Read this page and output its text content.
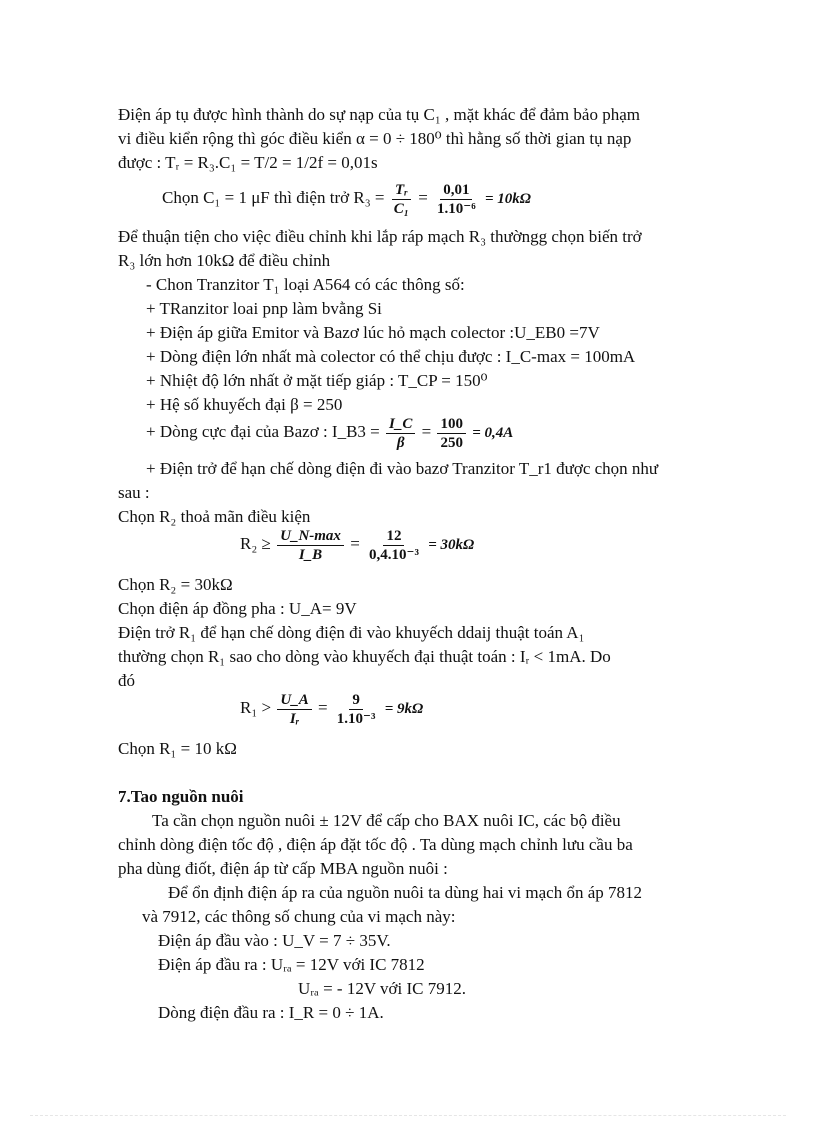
Điện áp tụ được hình thành do sự nạp của tụ C₁ , mặt khác để đảm bảo phạm
vi điều kiển rộng thì góc điều kiển α = 0 ÷ 180⁰ thì hằng số thời gian tụ nạp
được : Tᵣ = R₃.C₁ = T/2 = 1/2f = 0,01s
Chọn C₁ = 1 μF thì điện trở $R_3 = \frac{\text{Tᵣ}}{\text{C₁}} = \frac{0,01}{\text{1.10⁻⁶}} = 10k\Omega$
Để thuận tiện cho việc điều chỉnh khi lắp ráp mạch R₃ thườngg chọn biến trở
R₃ lớn hơn 10kΩ để điều chỉnh
- Chon Tranzitor T₁ loại A564 có các thông số:
+ TRanzitor loai pnp làm bvằng Si
+ Điện áp giữa Emitor và Bazơ lúc hỏ mạch colector :U_EB0 =7V
+ Dòng điện lớn nhất mà colector có thể chịu được : I_C-max = 100mA
+ Nhiệt độ lớn nhất ở mặt tiếp giáp : T_CP = 150⁰
+ Hệ số khuyếch đại β = 250
+ Dòng cực đại của Bazơ : I_B3 = $\frac{I\_C}{\beta} = \frac{100}{250} = 0,4A$
+ Điện trở để hạn chế dòng điện đi vào bazơ Tranzitor T_r1 được chọn như
sau :
Chọn R₂ thoả mãn điều kiện
$R_2 \ge \frac{U\_N-\max}{I\_B} = \frac{12}{\text{0,4.10⁻³}} = 30k\Omega$
Chọn R₂ = 30kΩ
Chọn điện áp đồng pha : U_A= 9V
Điện trở R₁ để hạn chế dòng điện đi vào khuyếch ddaij thuật toán A₁
thường chọn R₁ sao cho dòng vào khuyếch đại thuật toán : Iᵣ < 1mA. Do
đó
$R_1 > \frac{U\_A}{\text{Iᵣ}} = \frac{9}{\text{1.10⁻³}} = 9k\Omega$
Chọn R₁ = 10 kΩ
7.Tao nguồn nuôi
Ta cần chọn nguồn nuôi ± 12V để cấp cho BAX nuôi IC, các bộ điều
chỉnh dòng điện tốc độ , điện áp đặt tốc độ . Ta dùng mạch chỉnh lưu cầu ba
pha dùng điốt, điện áp từ cấp MBA nguồn nuôi :
Để ổn định điện áp ra của nguồn nuôi ta dùng hai vi mạch ổn áp 7812
và 7912, các thông số chung của vi mạch này:
Điện áp đầu vào : U_V = 7 ÷ 35V.
Điện áp đầu ra : Uᵣₐ = 12V với IC 7812
Uᵣₐ = - 12V với IC 7912.
Dòng điện đầu ra : I_R = 0 ÷ 1A.
